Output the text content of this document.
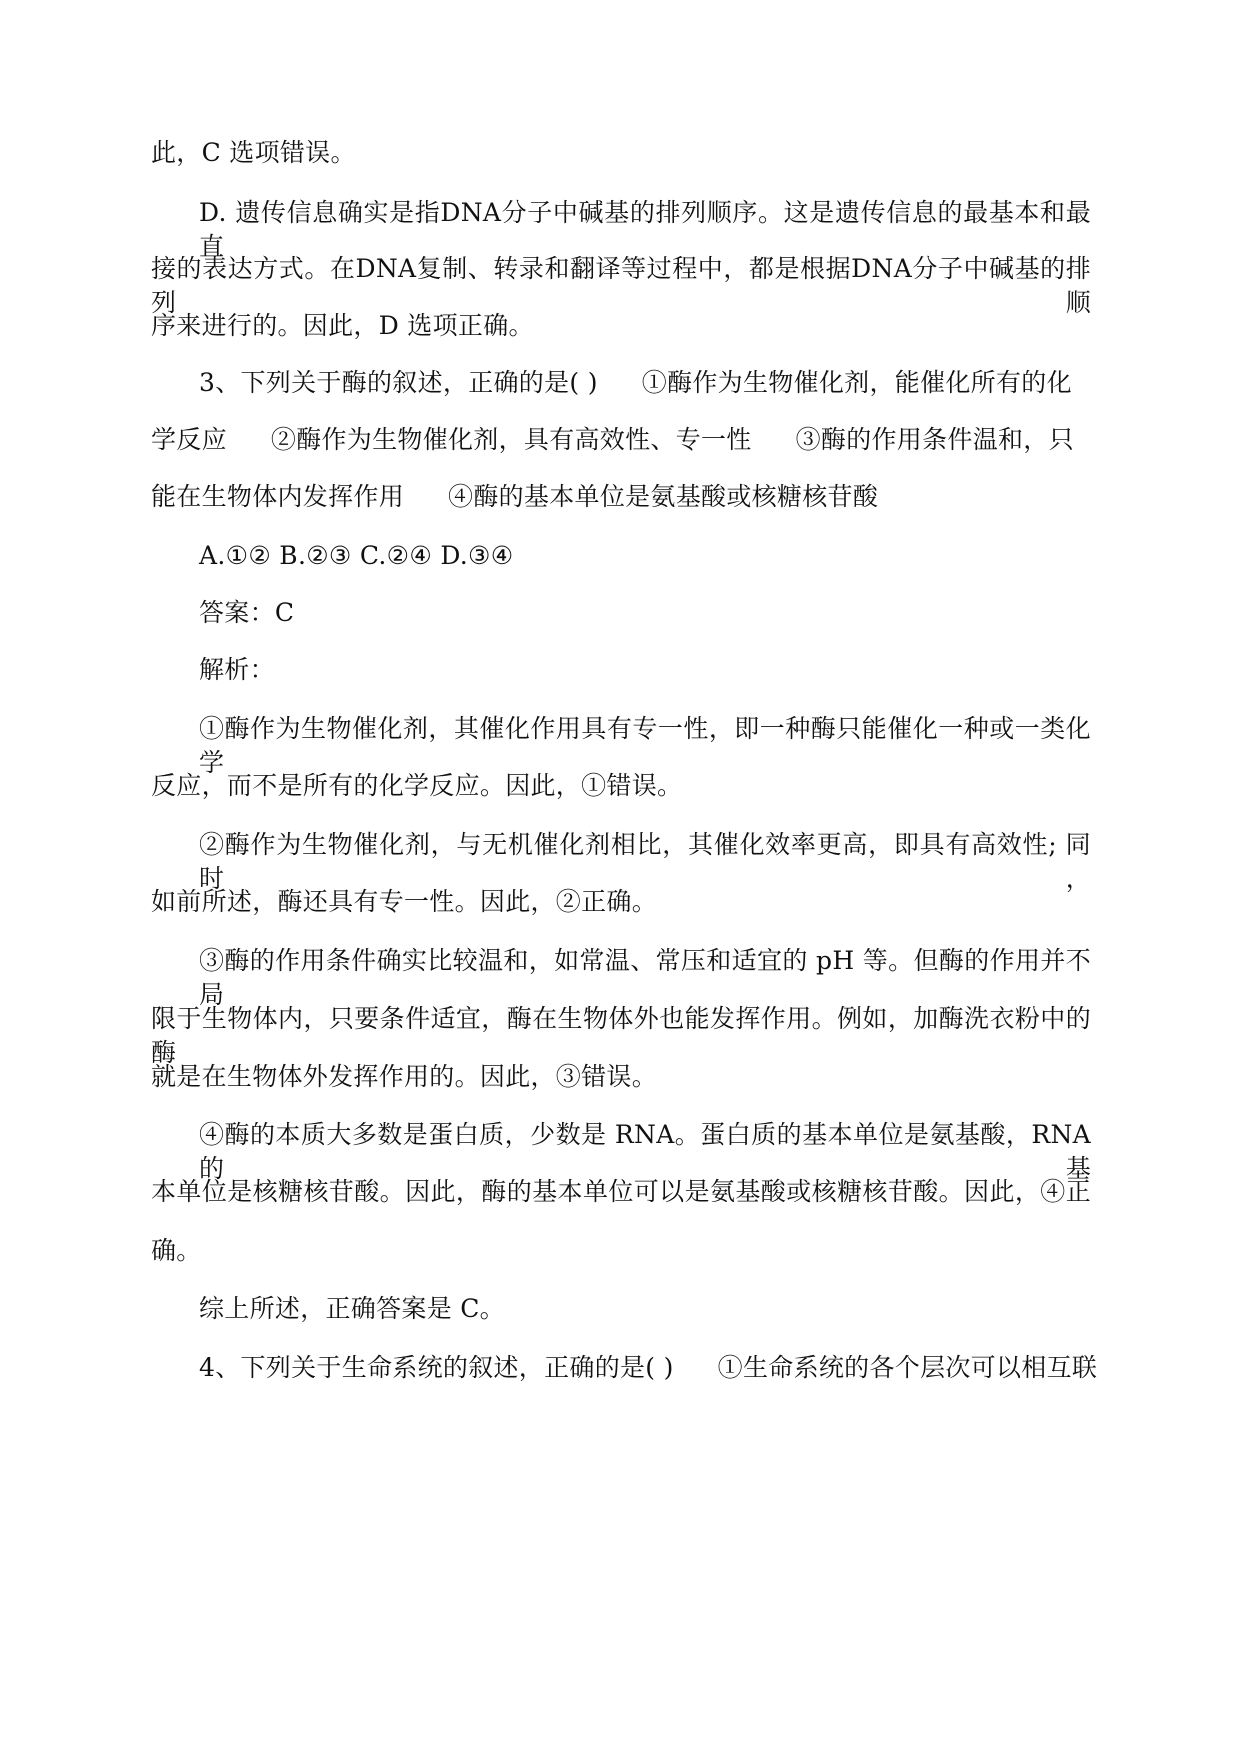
此，C 选项错误。
D. 遗传信息确实是指DNA分子中碱基的排列顺序。这是遗传信息的最基本和最直
接的表达方式。在DNA复制、转录和翻译等过程中，都是根据DNA分子中碱基的排列顺
序来进行的。因此，D 选项正确。
3、下列关于酶的叙述，正确的是( ) ①酶作为生物催化剂，能催化所有的化
学反应 ②酶作为生物催化剂，具有高效性、专一性 ③酶的作用条件温和，只
能在生物体内发挥作用 ④酶的基本单位是氨基酸或核糖核苷酸
A.①② B.②③ C.②④ D.③④
答案：C
解析：
①酶作为生物催化剂，其催化作用具有专一性，即一种酶只能催化一种或一类化学
反应，而不是所有的化学反应。因此，①错误。
②酶作为生物催化剂，与无机催化剂相比，其催化效率更高，即具有高效性; 同时，
如前所述，酶还具有专一性。因此，②正确。
③酶的作用条件确实比较温和，如常温、常压和适宜的 pH 等。但酶的作用并不局
限于生物体内，只要条件适宜，酶在生物体外也能发挥作用。例如，加酶洗衣粉中的酶
就是在生物体外发挥作用的。因此，③错误。
④酶的本质大多数是蛋白质，少数是 RNA。蛋白质的基本单位是氨基酸，RNA 的基
本单位是核糖核苷酸。因此，酶的基本单位可以是氨基酸或核糖核苷酸。因此，④正
确。
综上所述，正确答案是 C。
4、下列关于生命系统的叙述，正确的是( ) ①生命系统的各个层次可以相互联
